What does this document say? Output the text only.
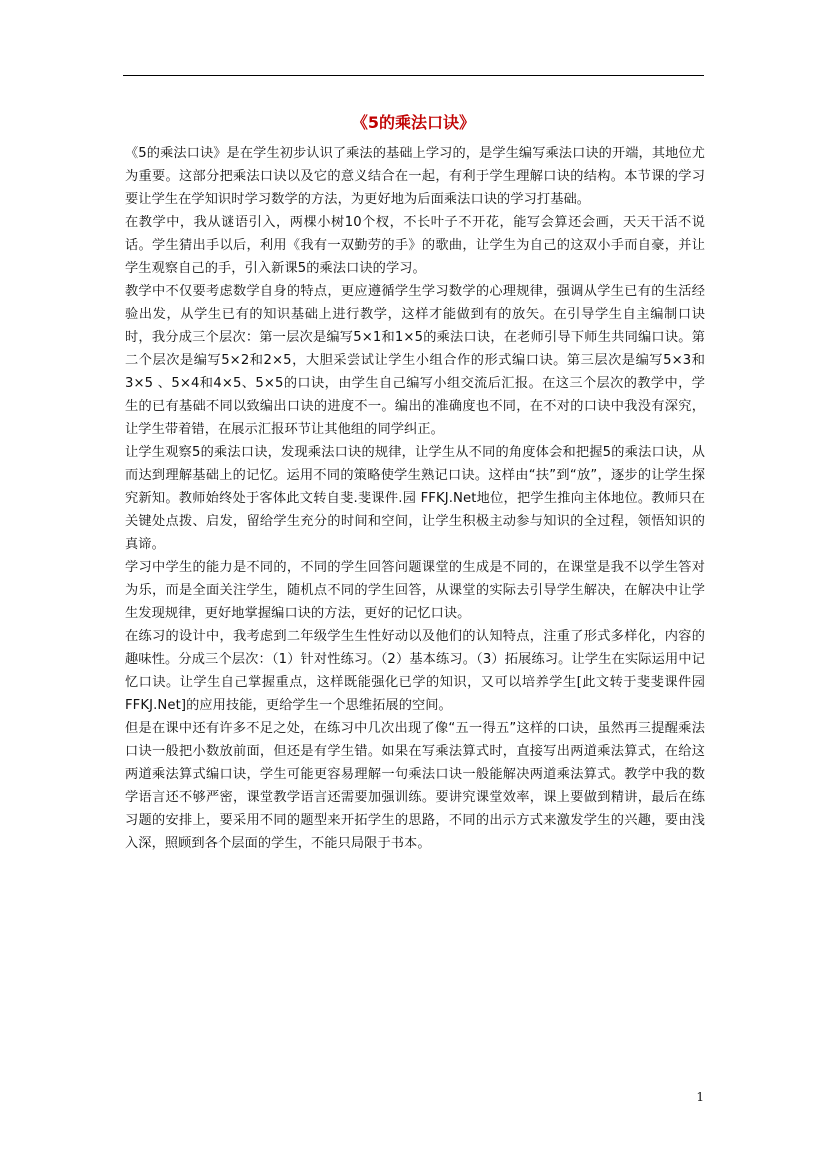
《5的乘法口诀》

《5的乘法口诀》是在学生初步认识了乘法的基础上学习的，是学生编写乘法口诀的开端，其地位尤为重要。这部分把乘法口诀以及它的意义结合在一起，有利于学生理解口诀的结构。本节课的学习要让学生在学知识时学习数学的方法，为更好地为后面乘法口诀的学习打基础。

在教学中，我从谜语引入，两棵小树10个杈，不长叶子不开花，能写会算还会画，天天干活不说话。学生猜出手以后，利用《我有一双勤劳的手》的歌曲，让学生为自己的这双小手而自豪，并让学生观察自己的手，引入新课5的乘法口诀的学习。

教学中不仅要考虑数学自身的特点，更应遵循学生学习数学的心理规律，强调从学生已有的生活经验出发，从学生已有的知识基础上进行教学，这样才能做到有的放矢。在引导学生自主编制口诀时，我分成三个层次：第一层次是编写5×1和1×5的乘法口诀，在老师引导下师生共同编口诀。第二个层次是编写5×2和2×5，大胆采尝试让学生小组合作的形式编口诀。第三层次是编写5×3和3×5 、5×4和4×5、5×5的口诀，由学生自己编写小组交流后汇报。在这三个层次的教学中，学生的已有基础不同以致编出口诀的进度不一。编出的准确度也不同，在不对的口诀中我没有深究，让学生带着错，在展示汇报环节让其他组的同学纠正。

让学生观察5的乘法口诀，发现乘法口诀的规律，让学生从不同的角度体会和把握5的乘法口诀，从而达到理解基础上的记忆。运用不同的策略使学生熟记口诀。这样由“扶”到“放”，逐步的让学生探究新知。教师始终处于客体此文转自斐.斐课件.园 FFKJ.Net地位，把学生推向主体地位。教师只在关键处点拨、启发，留给学生充分的时间和空间，让学生积极主动参与知识的全过程，领悟知识的真谛。

学习中学生的能力是不同的，不同的学生回答问题课堂的生成是不同的，在课堂是我不以学生答对为乐，而是全面关注学生，随机点不同的学生回答，从课堂的实际去引导学生解决，在解决中让学生发现规律，更好地掌握编口诀的方法，更好的记忆口诀。

在练习的设计中，我考虑到二年级学生生性好动以及他们的认知特点，注重了形式多样化，内容的趣味性。分成三个层次：（1）针对性练习。（2）基本练习。（3）拓展练习。让学生在实际运用中记忆口诀。让学生自己掌握重点，这样既能强化已学的知识，又可以培养学生[此文转于斐斐课件园 FFKJ.Net]的应用技能，更给学生一个思维拓展的空间。

但是在课中还有许多不足之处，在练习中几次出现了像“五一得五”这样的口诀，虽然再三提醒乘法口诀一般把小数放前面，但还是有学生错。如果在写乘法算式时，直接写出两道乘法算式，在给这两道乘法算式编口诀，学生可能更容易理解一句乘法口诀一般能解决两道乘法算式。教学中我的数学语言还不够严密，课堂教学语言还需要加强训练。要讲究课堂效率，课上要做到精讲，最后在练习题的安排上，要采用不同的题型来开拓学生的思路，不同的出示方式来激发学生的兴趣，要由浅入深，照顾到各个层面的学生，不能只局限于书本。

1
